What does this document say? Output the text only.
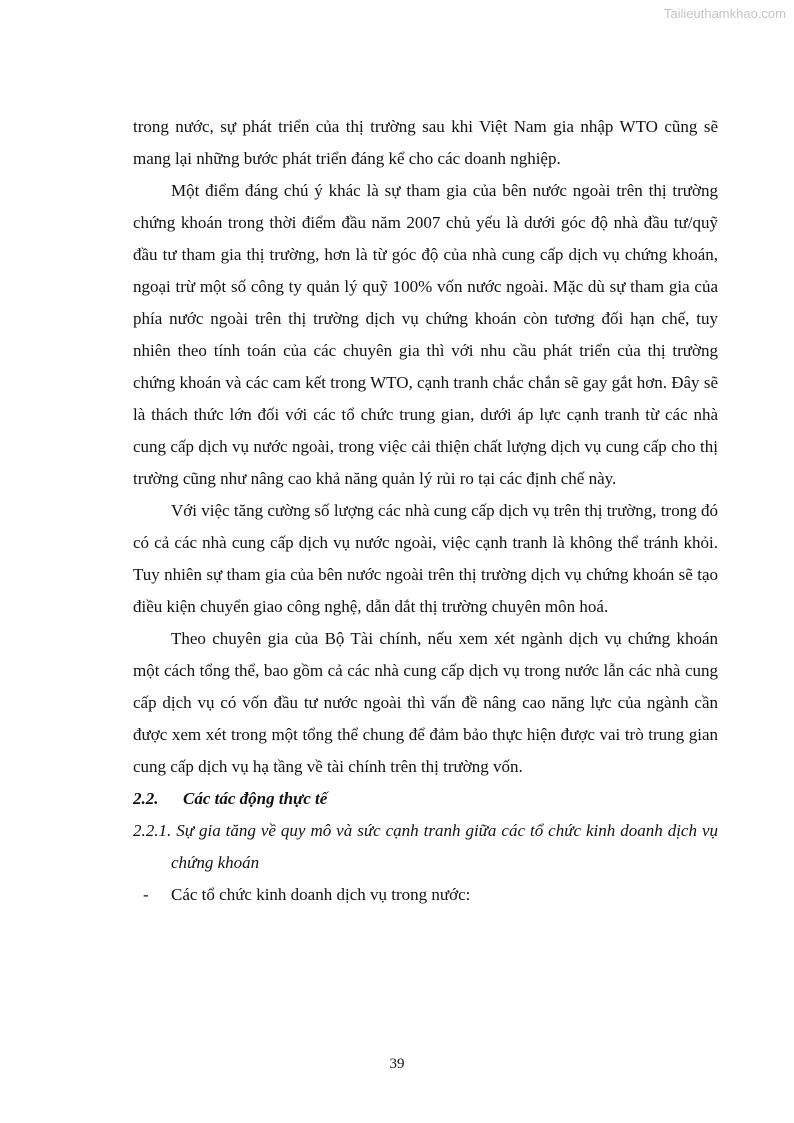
Tailieuthamkhao.com

trong nước, sự phát triển của thị trường sau khi Việt Nam gia nhập WTO cũng sẽ mang lại những bước phát triển đáng kể cho các doanh nghiệp.

Một điểm đáng chú ý khác là sự tham gia của bên nước ngoài trên thị trường chứng khoán trong thời điểm đầu năm 2007 chủ yếu là dưới góc độ nhà đầu tư/quỹ đầu tư tham gia thị trường, hơn là từ góc độ của nhà cung cấp dịch vụ chứng khoán, ngoại trừ một số công ty quản lý quỹ 100% vốn nước ngoài. Mặc dù sự tham gia của phía nước ngoài trên thị trường dịch vụ chứng khoán còn tương đối hạn chế, tuy nhiên theo tính toán của các chuyên gia thì với nhu cầu phát triển của thị trường chứng khoán và các cam kết trong WTO, cạnh tranh chắc chắn sẽ gay gắt hơn. Đây sẽ là thách thức lớn đối với các tổ chức trung gian, dưới áp lực cạnh tranh từ các nhà cung cấp dịch vụ nước ngoài, trong việc cải thiện chất lượng dịch vụ cung cấp cho thị trường cũng như nâng cao khả năng quản lý rủi ro tại các định chế này.

Với việc tăng cường số lượng các nhà cung cấp dịch vụ trên thị trường, trong đó có cả các nhà cung cấp dịch vụ nước ngoài, việc cạnh tranh là không thể tránh khỏi. Tuy nhiên sự tham gia của bên nước ngoài trên thị trường dịch vụ chứng khoán sẽ tạo điều kiện chuyển giao công nghệ, dẫn dắt thị trường chuyên môn hoá.

Theo chuyên gia của Bộ Tài chính, nếu xem xét ngành dịch vụ chứng khoán một cách tổng thể, bao gồm cả các nhà cung cấp dịch vụ trong nước lẫn các nhà cung cấp dịch vụ có vốn đầu tư nước ngoài thì vấn đề nâng cao năng lực của ngành cần được xem xét trong một tổng thể chung để đảm bảo thực hiện được vai trò trung gian cung cấp dịch vụ hạ tầng về tài chính trên thị trường vốn.

2.2.	Các tác động thực tế

2.2.1. Sự gia tăng về quy mô và sức cạnh tranh giữa các tổ chức kinh doanh dịch vụ chứng khoán

-	Các tổ chức kinh doanh dịch vụ trong nước:
39
